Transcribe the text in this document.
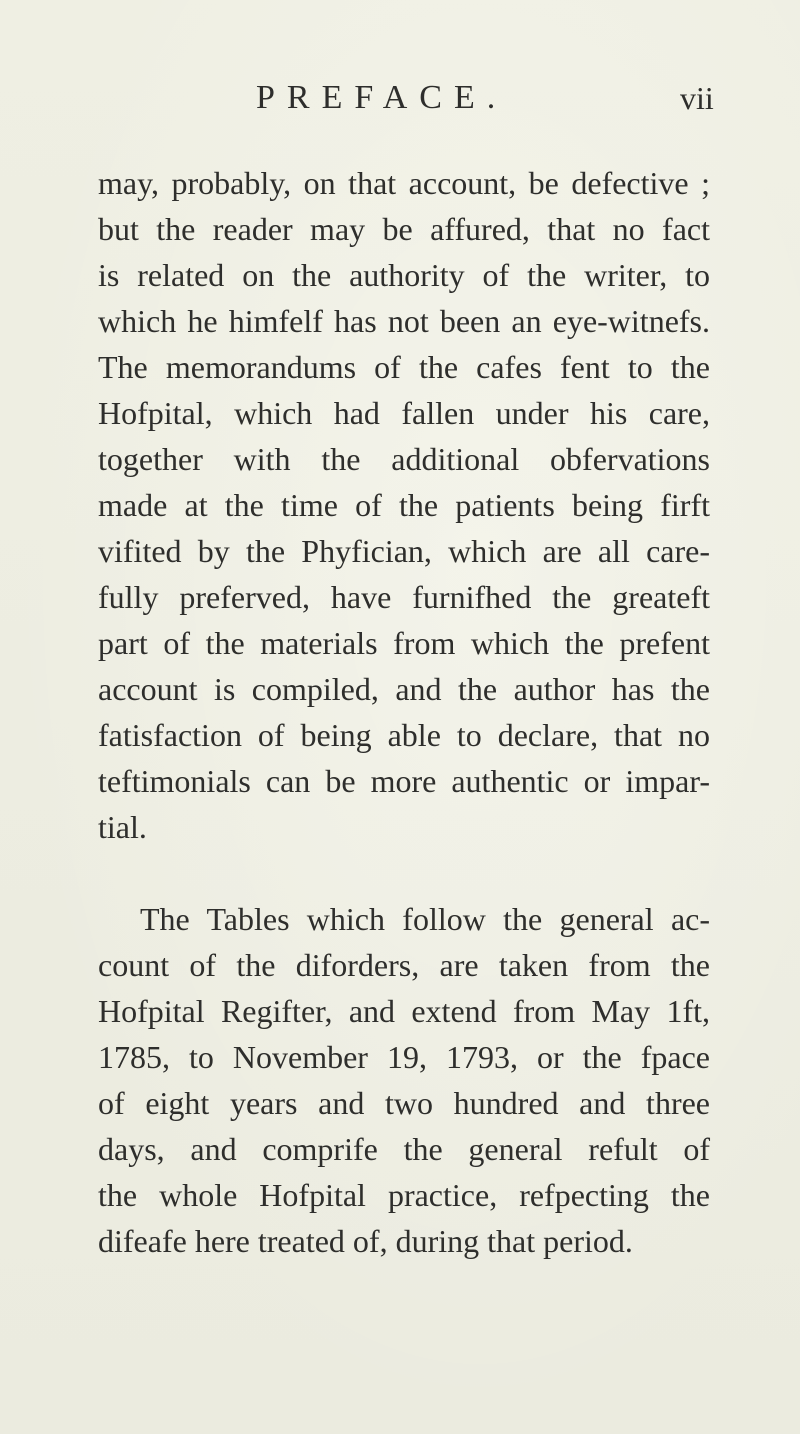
PREFACE.	vii
may, probably, on that account, be defective ;
but the reader may be affured, that no fact
is related on the authority of the writer, to
which he himfelf has not been an eye-witnefs.
The memorandums of the cafes fent to the
Hofpital, which had fallen under his care,
together with the additional obfervations
made at the time of the patients being firft
vifited by the Phyfician, which are all care-
fully preferved, have furnifhed the greateft
part of the materials from which the prefent
account is compiled, and the author has the
fatisfaction of being able to declare, that no
teftimonials can be more authentic or impar-
tial.
The Tables which follow the general ac-
count of the diforders, are taken from the
Hofpital Regifter, and extend from May 1ft,
1785, to November 19, 1793, or the fpace
of eight years and two hundred and three
days, and comprife the general refult of
the whole Hofpital practice, refpecting the
difeafe here treated of, during that period.
